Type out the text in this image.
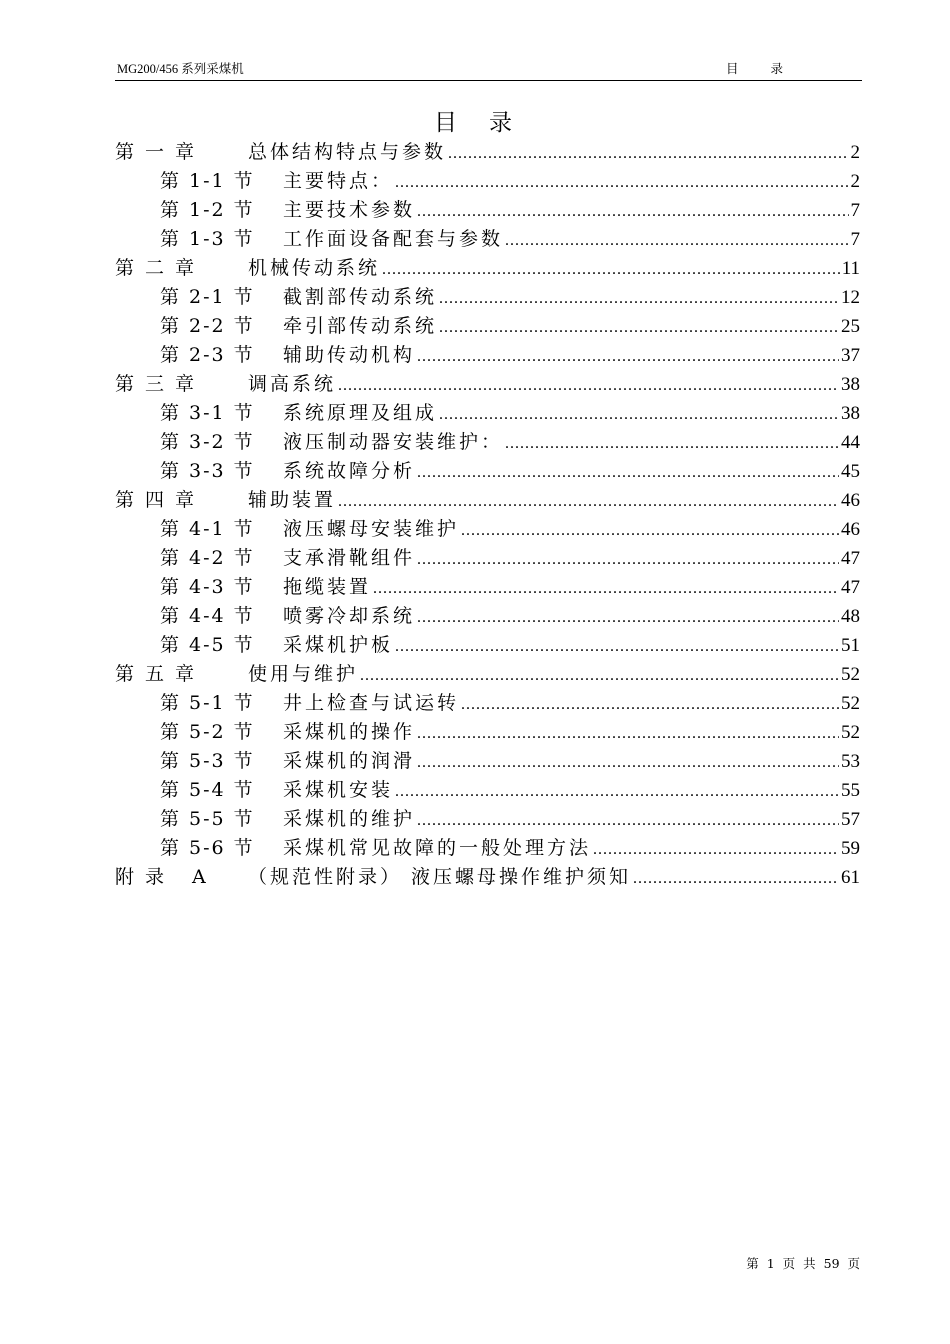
MG200/456 系列采煤机	目 录
目录
第一章	总体结构特点与参数 .....	2
第 1-1 节	主要特点： .....	2
第 1-2 节	主要技术参数 .....	7
第 1-3 节	工作面设备配套与参数 .....	7
第二章	机械传动系统 .....	11
第 2-1 节	截割部传动系统 .....	12
第 2-2 节	牵引部传动系统 .....	25
第 2-3 节	辅助传动机构 .....	37
第三章	调高系统 .....	38
第 3-1 节	系统原理及组成 .....	38
第 3-2 节	液压制动器安装维护： .....	44
第 3-3 节	系统故障分析 .....	45
第四章	辅助装置 .....	46
第 4-1 节	液压螺母安装维护 .....	46
第 4-2 节	支承滑靴组件 .....	47
第 4-3 节	拖缆装置 .....	47
第 4-4 节	喷雾冷却系统 .....	48
第 4-5 节	采煤机护板 .....	51
第五章	使用与维护 .....	52
第 5-1 节	井上检查与试运转 .....	52
第 5-2 节	采煤机的操作 .....	52
第 5-3 节	采煤机的润滑 .....	53
第 5-4 节	采煤机安装 .....	55
第 5-5 节	采煤机的维护 .....	57
第 5-6 节	采煤机常见故障的一般处理方法 .....	59
附录 A	（规范性附录） 液压螺母操作维护须知 .....	61
第 1 页 共 59 页
